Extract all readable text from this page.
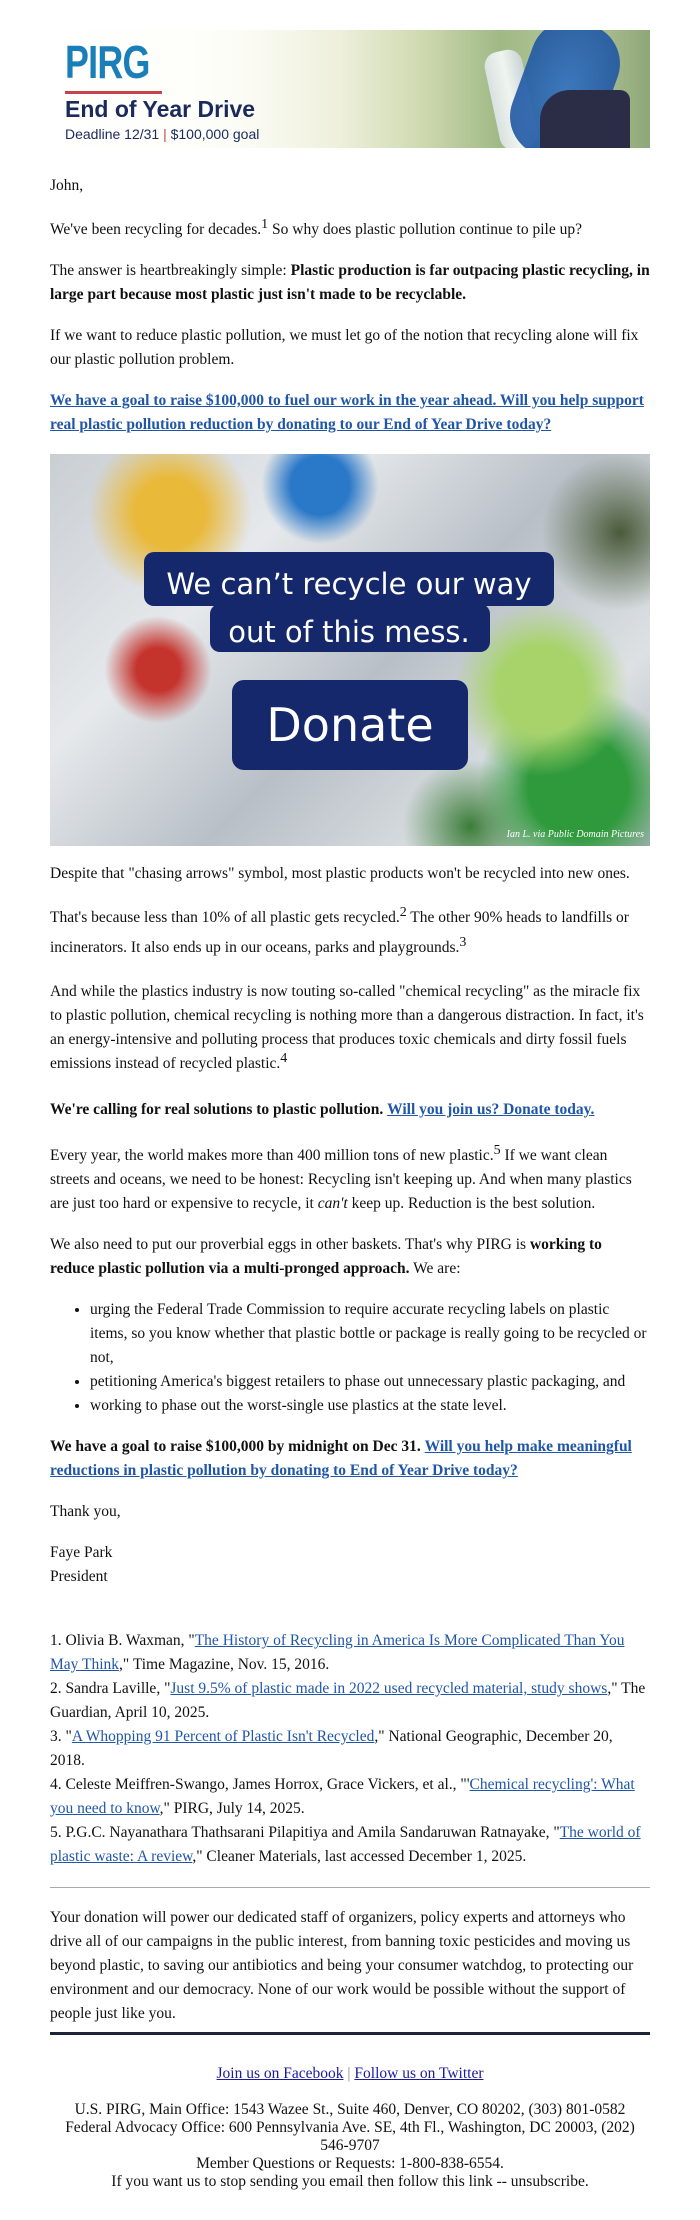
PIRG
End of Year Drive
Deadline 12/31 | $100,000 goal

John,

We've been recycling for decades.$^1$ So why does plastic pollution continue to pile up?

The answer is heartbreakingly simple: Plastic production is far outpacing plastic recycling, in large part because most plastic just isn't made to be recyclable.

If we want to reduce plastic pollution, we must let go of the notion that recycling alone will fix our plastic pollution problem.

We have a goal to raise $100,000 to fuel our work in the year ahead. Will you help support real plastic pollution reduction by donating to our End of Year Drive today?

We can’t recycle our way out of this mess.
Donate
Ian L. via Public Domain Pictures

Despite that "chasing arrows" symbol, most plastic products won't be recycled into new ones.

That's because less than 10% of all plastic gets recycled.$^2$ The other 90% heads to landfills or incinerators. It also ends up in our oceans, parks and playgrounds.$^3$

And while the plastics industry is now touting so-called "chemical recycling" as the miracle fix to plastic pollution, chemical recycling is nothing more than a dangerous distraction. In fact, it's an energy-intensive and polluting process that produces toxic chemicals and dirty fossil fuels emissions instead of recycled plastic.$^4$

We're calling for real solutions to plastic pollution. Will you join us? Donate today.

Every year, the world makes more than 400 million tons of new plastic.$^5$ If we want clean streets and oceans, we need to be honest: Recycling isn't keeping up. And when many plastics are just too hard or expensive to recycle, it can't keep up. Reduction is the best solution.

We also need to put our proverbial eggs in other baskets. That's why PIRG is working to reduce plastic pollution via a multi-pronged approach. We are:

• urging the Federal Trade Commission to require accurate recycling labels on plastic items, so you know whether that plastic bottle or package is really going to be recycled or not,
• petitioning America's biggest retailers to phase out unnecessary plastic packaging, and
• working to phase out the worst-single use plastics at the state level.

We have a goal to raise $100,000 by midnight on Dec 31. Will you help make meaningful reductions in plastic pollution by donating to End of Year Drive today?

Thank you,

Faye Park
President

1. Olivia B. Waxman, "The History of Recycling in America Is More Complicated Than You May Think," Time Magazine, Nov. 15, 2016.
2. Sandra Laville, "Just 9.5% of plastic made in 2022 used recycled material, study shows," The Guardian, April 10, 2025.
3. "A Whopping 91 Percent of Plastic Isn't Recycled," National Geographic, December 20, 2018.
4. Celeste Meiffren-Swango, James Horrox, Grace Vickers, et al., "'Chemical recycling': What you need to know," PIRG, July 14, 2025.
5. P.G.C. Nayanathara Thathsarani Pilapitiya and Amila Sandaruwan Ratnayake, "The world of plastic waste: A review," Cleaner Materials, last accessed December 1, 2025.

Your donation will power our dedicated staff of organizers, policy experts and attorneys who drive all of our campaigns in the public interest, from banning toxic pesticides and moving us beyond plastic, to saving our antibiotics and being your consumer watchdog, to protecting our environment and our democracy. None of our work would be possible without the support of people just like you.

Join us on Facebook | Follow us on Twitter
U.S. PIRG, Main Office: 1543 Wazee St., Suite 460, Denver, CO 80202, (303) 801-0582
Federal Advocacy Office: 600 Pennsylvania Ave. SE, 4th Fl., Washington, DC 20003, (202) 546-9707
Member Questions or Requests: 1-800-838-6554.
If you want us to stop sending you email then follow this link -- unsubscribe.
